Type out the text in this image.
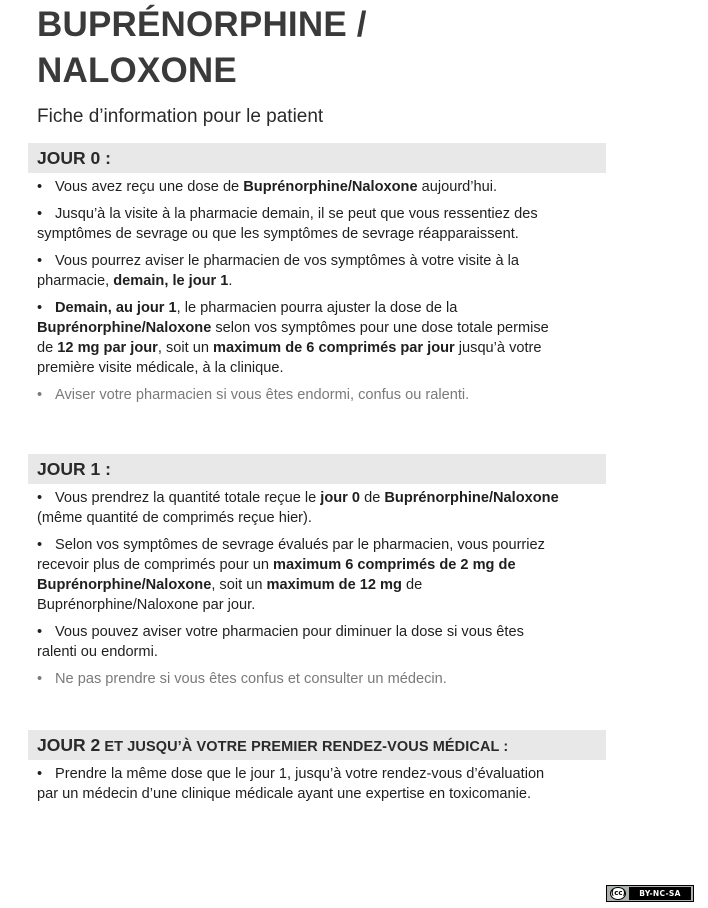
BUPRÉNORPHINE /
NALOXONE
Fiche d’information pour le patient
JOUR 0 :
• Vous avez reçu une dose de Buprénorphine/Naloxone aujourd’hui.
• Jusqu’à la visite à la pharmacie demain, il se peut que vous ressentiez des symptômes de sevrage ou que les symptômes de sevrage réapparaissent.
• Vous pourrez aviser le pharmacien de vos symptômes à votre visite à la pharmacie, demain, le jour 1.
• Demain, au jour 1, le pharmacien pourra ajuster la dose de la Buprénorphine/Naloxone selon vos symptômes pour une dose totale permise de 12 mg par jour, soit un maximum de 6 comprimés par jour jusqu’à votre première visite médicale, à la clinique.
• Aviser votre pharmacien si vous êtes endormi, confus ou ralenti.
JOUR 1 :
• Vous prendrez la quantité totale reçue le jour 0 de Buprénorphine/Naloxone (même quantité de comprimés reçue hier).
• Selon vos symptômes de sevrage évalués par le pharmacien, vous pourriez recevoir plus de comprimés pour un maximum 6 comprimés de 2 mg de Buprénorphine/Naloxone, soit un maximum de 12 mg de Buprénorphine/Naloxone par jour.
• Vous pouvez aviser votre pharmacien pour diminuer la dose si vous êtes ralenti ou endormi.
• Ne pas prendre si vous êtes confus et consulter un médecin.
JOUR 2 ET JUSQU’À VOTRE PREMIER RENDEZ-VOUS MÉDICAL :
• Prendre la même dose que le jour 1, jusqu’à votre rendez-vous d’évaluation par un médecin d’une clinique médicale ayant une expertise en toxicomanie.
(cc)	BY-NC-SA
